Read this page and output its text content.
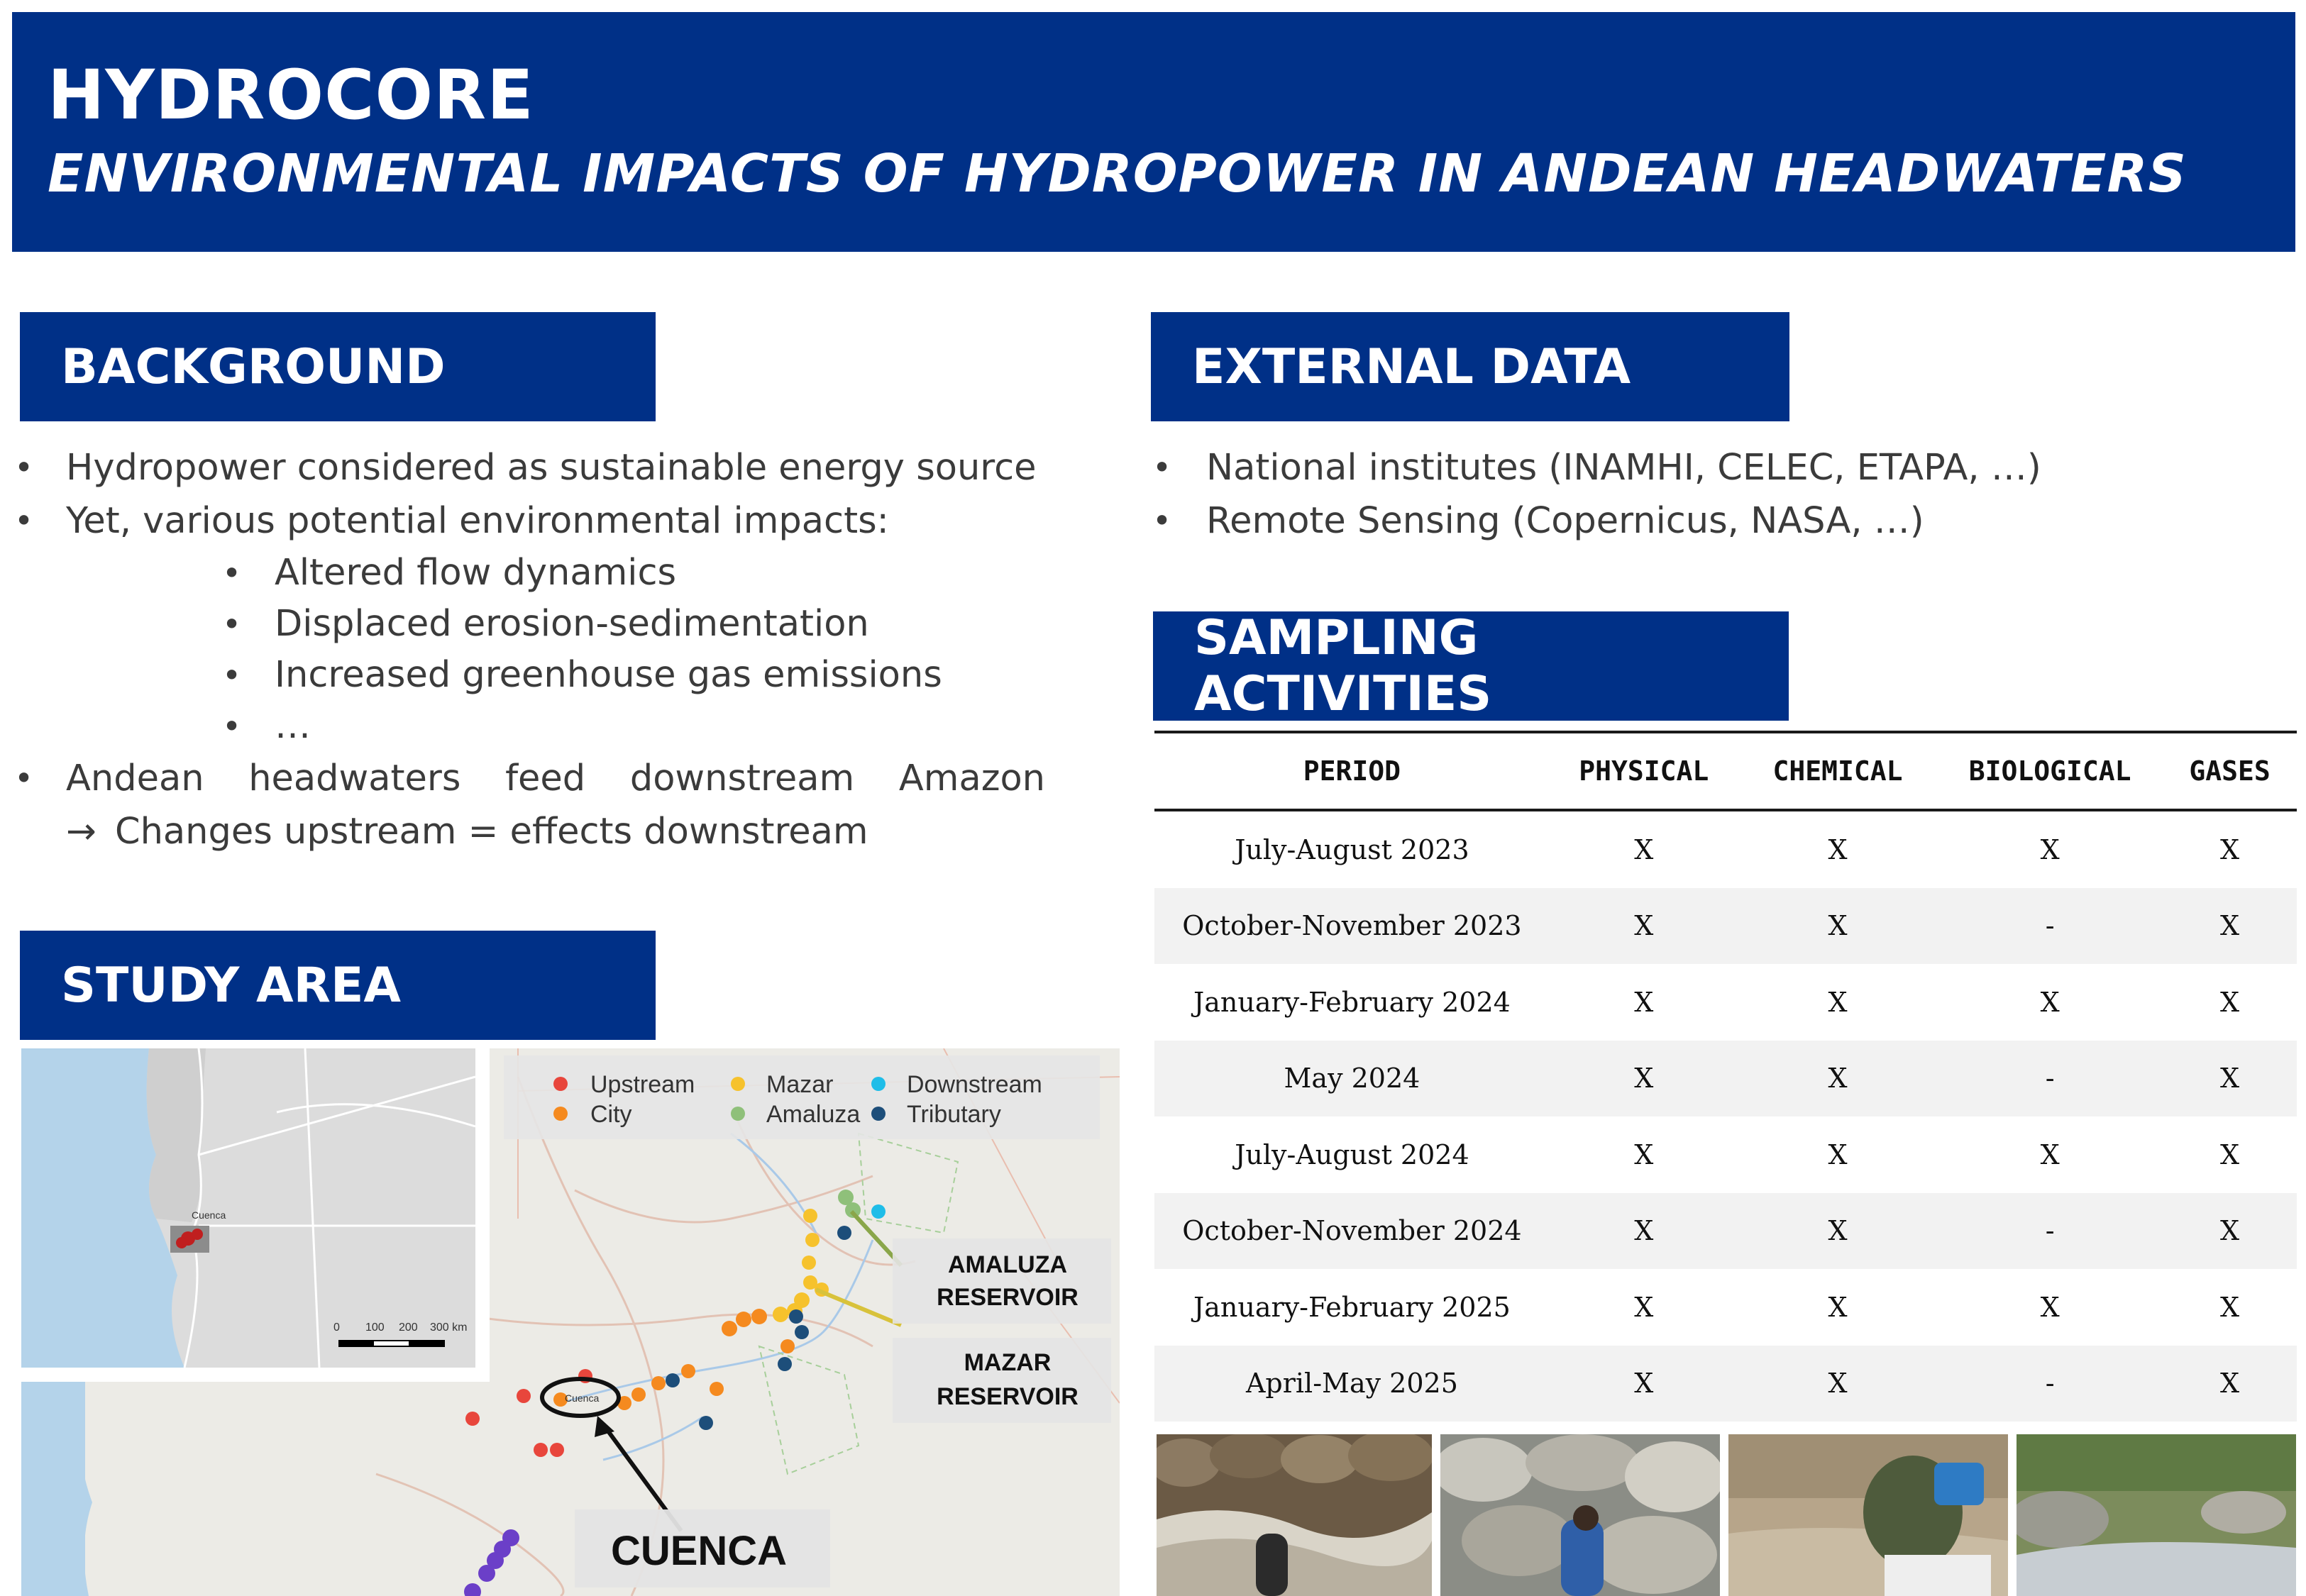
HYDROCORE
ENVIRONMENTAL IMPACTS OF HYDROPOWER IN ANDEAN HEADWATERS
BACKGROUND
• Hydropower considered as sustainable energy source
• Yet, various potential environmental impacts:
• Altered flow dynamics
• Displaced erosion-sedimentation
• Increased greenhouse gas emissions
• …
• Andean headwaters feed downstream Amazon
→ Changes upstream = effects downstream
EXTERNAL DATA
• National institutes (INAMHI, CELEC, ETAPA, …)
• Remote Sensing (Copernicus, NASA, …)
SAMPLING ACTIVITIES
PERIOD	PHYSICAL	CHEMICAL	BIOLOGICAL	GASES
July-August 2023	X	X	X	X
October-November 2023	X	X	-	X
January-February 2024	X	X	X	X
May 2024	X	X	-	X
July-August 2024	X	X	X	X
October-November 2024	X	X	-	X
January-February 2025	X	X	X	X
April-May 2025	X	X	-	X
STUDY AREA
Cuenca
0 100 200 300 km
Upstream	Mazar	Downstream
City	Amaluza Tributary
Cuenca
AMALUZA
RESERVOIR
MAZAR
RESERVOIR
CUENCA
